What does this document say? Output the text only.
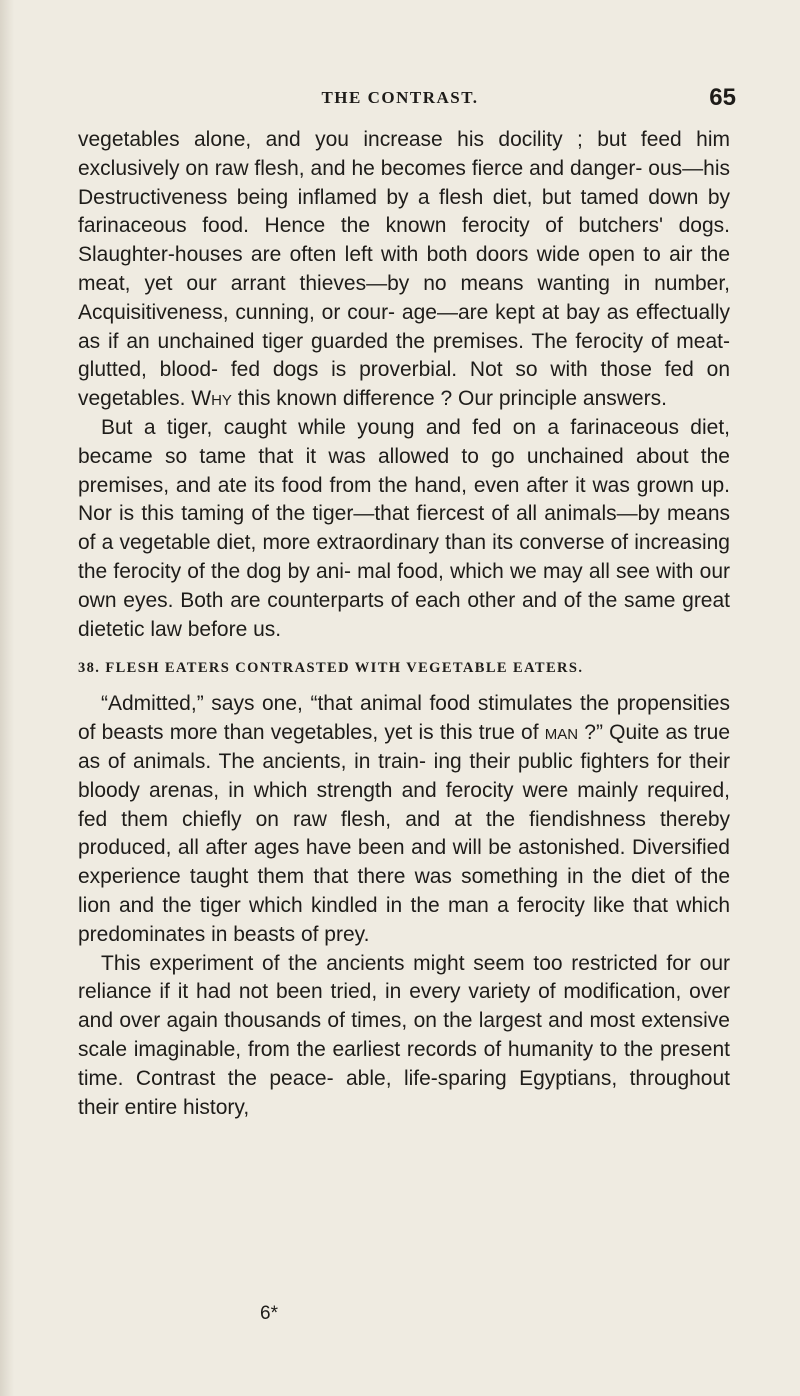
THE CONTRAST.	65

vegetables alone, and you increase his docility ; but feed him exclusively on raw flesh, and he becomes fierce and danger- ous—his Destructiveness being inflamed by a flesh diet, but tamed down by farinaceous food. Hence the known ferocity of butchers' dogs. Slaughter-houses are often left with both doors wide open to air the meat, yet our arrant thieves—by no means wanting in number, Acquisitiveness, cunning, or cour- age—are kept at bay as effectually as if an unchained tiger guarded the premises. The ferocity of meat-glutted, blood- fed dogs is proverbial. Not so with those fed on vegetables. Why this known difference ? Our principle answers.

But a tiger, caught while young and fed on a farinaceous diet, became so tame that it was allowed to go unchained about the premises, and ate its food from the hand, even after it was grown up. Nor is this taming of the tiger—that fiercest of all animals—by means of a vegetable diet, more extraordinary than its converse of increasing the ferocity of the dog by ani- mal food, which we may all see with our own eyes. Both are counterparts of each other and of the same great dietetic law before us.

38. FLESH EATERS CONTRASTED WITH VEGETABLE EATERS.

“Admitted,” says one, “that animal food stimulates the propensities of beasts more than vegetables, yet is this true of man ?” Quite as true as of animals. The ancients, in train- ing their public fighters for their bloody arenas, in which strength and ferocity were mainly required, fed them chiefly on raw flesh, and at the fiendishness thereby produced, all after ages have been and will be astonished. Diversified experience taught them that there was something in the diet of the lion and the tiger which kindled in the man a ferocity like that which predominates in beasts of prey.

This experiment of the ancients might seem too restricted for our reliance if it had not been tried, in every variety of modification, over and over again thousands of times, on the largest and most extensive scale imaginable, from the earliest records of humanity to the present time. Contrast the peace- able, life-sparing Egyptians, throughout their entire history,

6*
